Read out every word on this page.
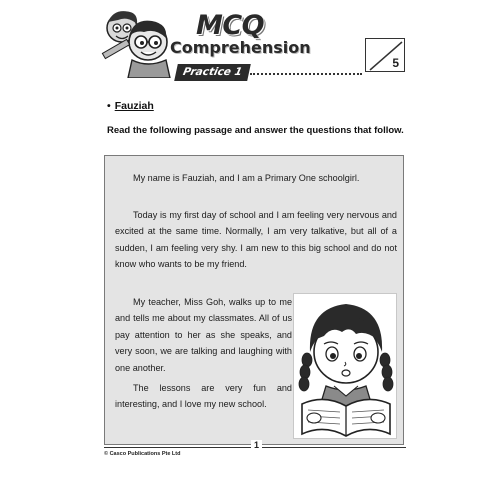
MCQ
Comprehension
Practice 1
5
• Fauziah
Read the following passage and answer the questions that follow.

My name is Fauziah, and I am a Primary One schoolgirl.

Today is my first day of school and I am feeling very nervous and excited at the same time. Normally, I am very talkative, but all of a sudden, I am feeling very shy. I am new to this big school and do not know who wants to be my friend.

My teacher, Miss Goh, walks up to me and tells me about my classmates. All of us pay attention to her as she speaks, and very soon, we are talking and laughing with one another.

The lessons are very fun and interesting, and I love my new school.

1
© Casco Publications Pte Ltd
